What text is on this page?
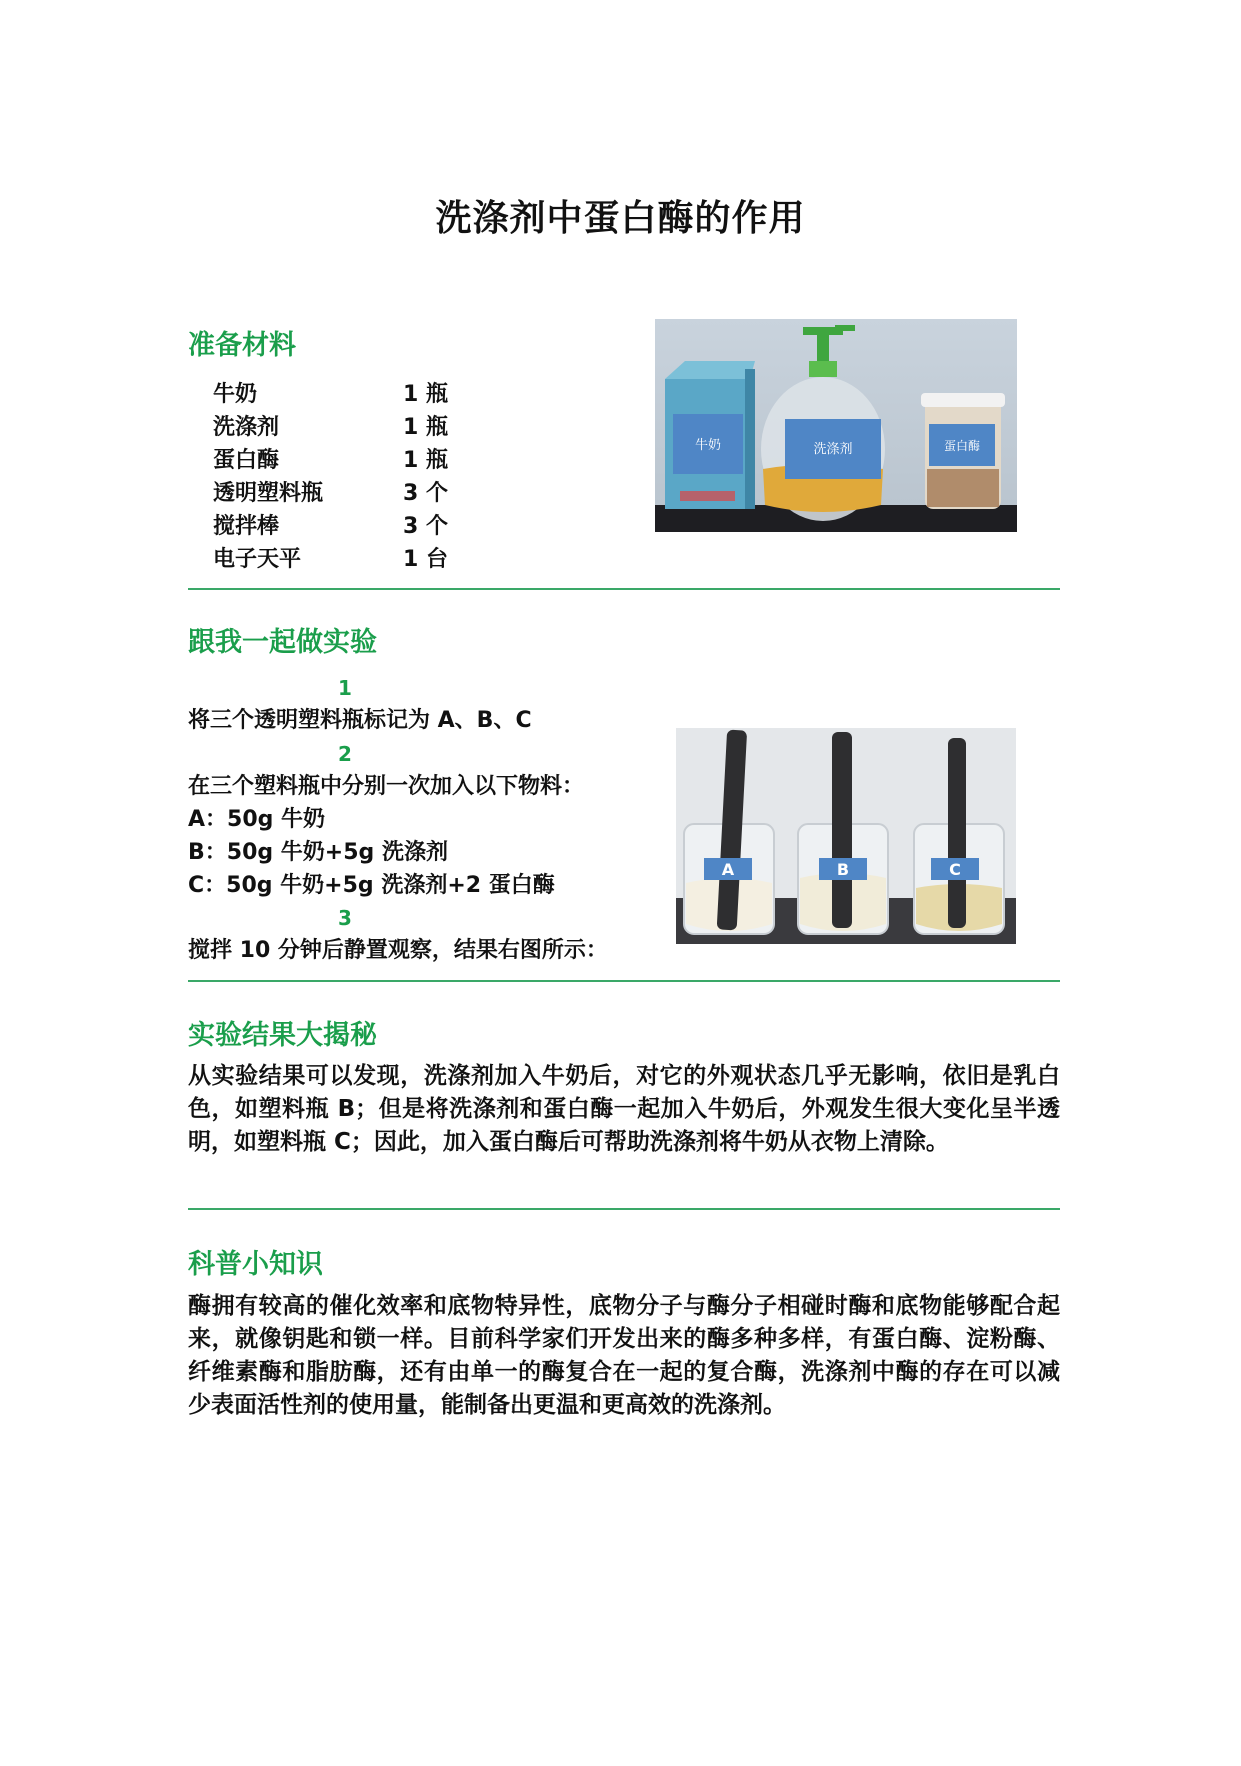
洗涤剂中蛋白酶的作用
准备材料
牛奶	1 瓶
洗涤剂	1 瓶
蛋白酶	1 瓶
透明塑料瓶	3 个
搅拌棒	3 个
电子天平	1 台
牛奶	洗涤剂	蛋白酶
跟我一起做实验
1
将三个透明塑料瓶标记为 A、B、C
2
在三个塑料瓶中分别一次加入以下物料：
A：50g 牛奶
B：50g 牛奶+5g 洗涤剂
C：50g 牛奶+5g 洗涤剂+2 蛋白酶
3
搅拌 10 分钟后静置观察，结果右图所示：
A	B	C
实验结果大揭秘

从实验结果可以发现，洗涤剂加入牛奶后，对它的外观状态几乎无影响，依旧是乳白色，如塑料瓶 B；但是将洗涤剂和蛋白酶一起加入牛奶后，外观发生很大变化呈半透明，如塑料瓶 C；因此，加入蛋白酶后可帮助洗涤剂将牛奶从衣物上清除。

科普小知识

酶拥有较高的催化效率和底物特异性，底物分子与酶分子相碰时酶和底物能够配合起来，就像钥匙和锁一样。目前科学家们开发出来的酶多种多样，有蛋白酶、淀粉酶、纤维素酶和脂肪酶，还有由单一的酶复合在一起的复合酶，洗涤剂中酶的存在可以减少表面活性剂的使用量，能制备出更温和更高效的洗涤剂。
